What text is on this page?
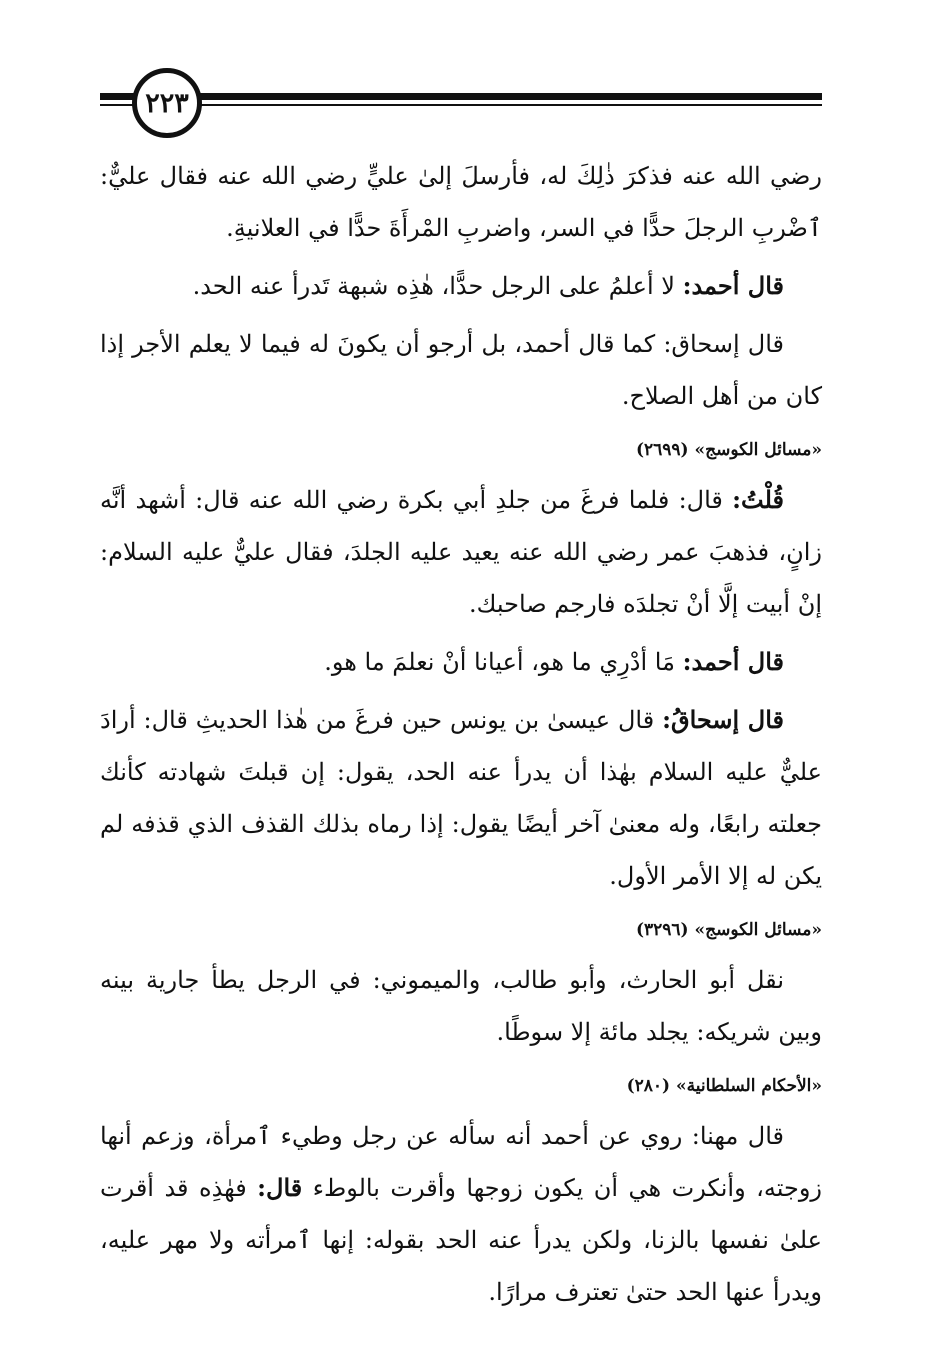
٢٢٣

رضي الله عنه فذكرَ ذٰلِكَ له، فأرسلَ إلىٰ عليٍّ رضي الله عنه فقال عليٌّ: ٱضْربِ الرجلَ حدًّا في السر، واضربِ المْرأَةَ حدًّا في العلانيةِ.

قال أحمد: لا أعلمُ على الرجل حدًّا، هٰذِه شبهة تَدرأ عنه الحد.

قال إسحاق: كما قال أحمد، بل أرجو أن يكونَ له فيما لا يعلم الأجر إذا كان من أهل الصلاح.

«مسائل الكوسج» (٢٦٩٩)

قُلْتُ: قال: فلما فرغَ من جلدِ أبي بكرة رضي الله عنه قال: أشهد أنَّه زانٍ، فذهبَ عمر رضي الله عنه يعيد عليه الجلدَ، فقال عليٌّ عليه السلام: إنْ أبيت إلَّا أنْ تجلدَه فارجم صاحبك.

قال أحمد: مَا أدْرِي ما هو، أعيانا أنْ نعلمَ ما هو.

قال إسحاقُ: قال عيسىٰ بن يونس حين فرغَ من هٰذا الحديثِ قال: أرادَ عليٌّ عليه السلام بهٰذا أن يدرأ عنه الحد، يقول: إن قبلتَ شهادته كأنك جعلته رابعًا، وله معنىٰ آخر أيضًا يقول: إذا رماه بذلك القذف الذي قذفه لم يكن له إلا الأمر الأول.

«مسائل الكوسج» (٣٢٩٦)

نقل أبو الحارث، وأبو طالب، والميموني: في الرجل يطأ جارية بينه وبين شريكه: يجلد مائة إلا سوطًا.

«الأحكام السلطانية» (٢٨٠)

قال مهنا: روي عن أحمد أنه سأله عن رجل وطيء ٱمرأة، وزعم أنها زوجته، وأنكرت هي أن يكون زوجها وأقرت بالوطء قال: فهٰذِه قد أقرت علىٰ نفسها بالزنا، ولكن يدرأ عنه الحد بقوله: إنها ٱمرأته ولا مهر عليه، ويدرأ عنها الحد حتىٰ تعترف مرارًا.
